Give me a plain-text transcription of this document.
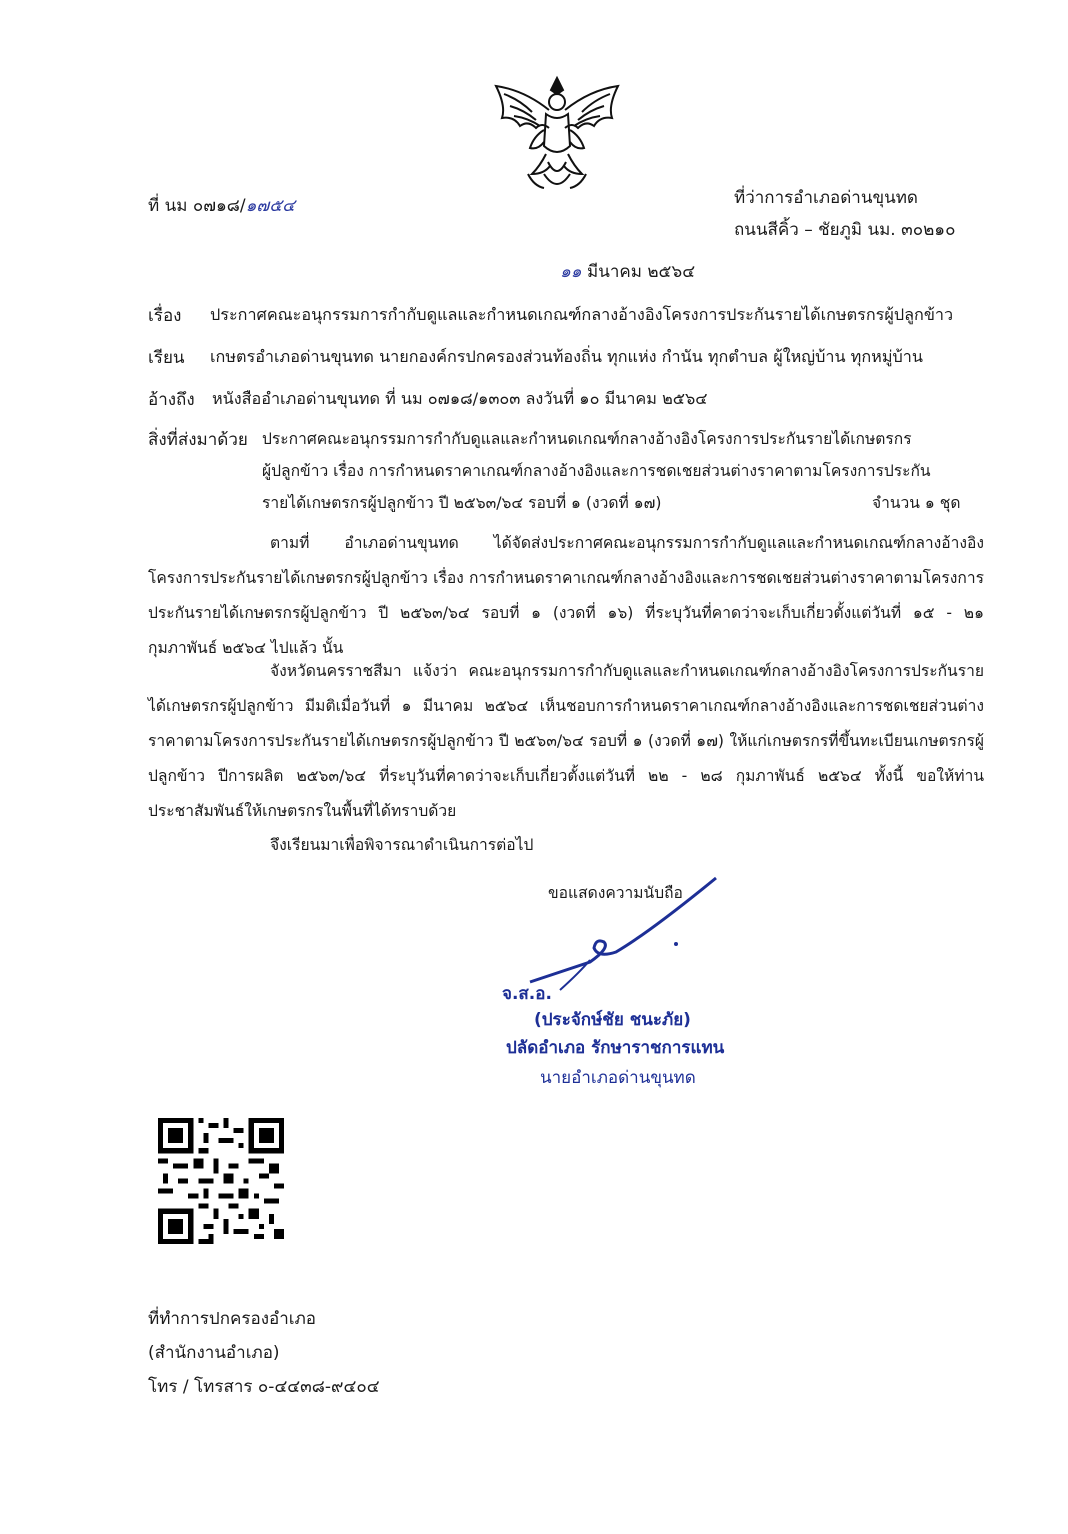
ที่ นม ๐๗๑๘/๑๗๕๔	ที่ว่าการอำเภอด่านขุนทด
ถนนสีคิ้ว – ชัยภูมิ นม. ๓๐๒๑๐
๑๑ มีนาคม ๒๕๖๔
เรื่อง ประกาศคณะอนุกรรมการกำกับดูแลและกำหนดเกณฑ์กลางอ้างอิงโครงการประกันรายได้เกษตรกรผู้ปลูกข้าว
เรียน เกษตรอำเภอด่านขุนทด นายกองค์กรปกครองส่วนท้องถิ่น ทุกแห่ง กำนัน ทุกตำบล ผู้ใหญ่บ้าน ทุกหมู่บ้าน
อ้างถึง หนังสืออำเภอด่านขุนทด ที่ นม ๐๗๑๘/๑๓๐๓ ลงวันที่ ๑๐ มีนาคม ๒๕๖๔
สิ่งที่ส่งมาด้วย ประกาศคณะอนุกรรมการกำกับดูแลและกำหนดเกณฑ์กลางอ้างอิงโครงการประกันรายได้เกษตรกร
ผู้ปลูกข้าว เรื่อง การกำหนดราคาเกณฑ์กลางอ้างอิงและการชดเชยส่วนต่างราคาตามโครงการประกัน
รายได้เกษตรกรผู้ปลูกข้าว ปี ๒๕๖๓/๖๔ รอบที่ ๑ (งวดที่ ๑๗)	จำนวน ๑ ชุด
ตามที่ อำเภอด่านขุนทด ได้จัดส่งประกาศคณะอนุกรรมการกำกับดูแลและกำหนดเกณฑ์กลางอ้างอิงโครงการประกันรายได้เกษตรกรผู้ปลูกข้าว เรื่อง การกำหนดราคาเกณฑ์กลางอ้างอิงและการชดเชยส่วนต่างราคาตามโครงการประกันรายได้เกษตรกรผู้ปลูกข้าว ปี ๒๕๖๓/๖๔ รอบที่ ๑ (งวดที่ ๑๖) ที่ระบุวันที่คาดว่าจะเก็บเกี่ยวตั้งแต่วันที่ ๑๕ - ๒๑ กุมภาพันธ์ ๒๕๖๔ ไปแล้ว นั้น
จังหวัดนครราชสีมา แจ้งว่า คณะอนุกรรมการกำกับดูแลและกำหนดเกณฑ์กลางอ้างอิงโครงการประกันรายได้เกษตรกรผู้ปลูกข้าว มีมติเมื่อวันที่ ๑ มีนาคม ๒๕๖๔ เห็นชอบการกำหนดราคาเกณฑ์กลางอ้างอิงและการชดเชยส่วนต่างราคาตามโครงการประกันรายได้เกษตรกรผู้ปลูกข้าว ปี ๒๕๖๓/๖๔ รอบที่ ๑ (งวดที่ ๑๗) ให้แก่เกษตรกรที่ขึ้นทะเบียนเกษตรกรผู้ปลูกข้าว ปีการผลิต ๒๕๖๓/๖๔ ที่ระบุวันที่คาดว่าจะเก็บเกี่ยวตั้งแต่วันที่ ๒๒ - ๒๘ กุมภาพันธ์ ๒๕๖๔ ทั้งนี้ ขอให้ท่านประชาสัมพันธ์ให้เกษตรกรในพื้นที่ได้ทราบด้วย
จึงเรียนมาเพื่อพิจารณาดำเนินการต่อไป
ขอแสดงความนับถือ
จ.ส.อ.
(ประจักษ์ชัย ชนะภัย)
ปลัดอำเภอ รักษาราชการแทน
นายอำเภอด่านขุนทด
ที่ทำการปกครองอำเภอ
(สำนักงานอำเภอ)
โทร / โทรสาร ๐-๔๔๓๘-๙๔๐๔
